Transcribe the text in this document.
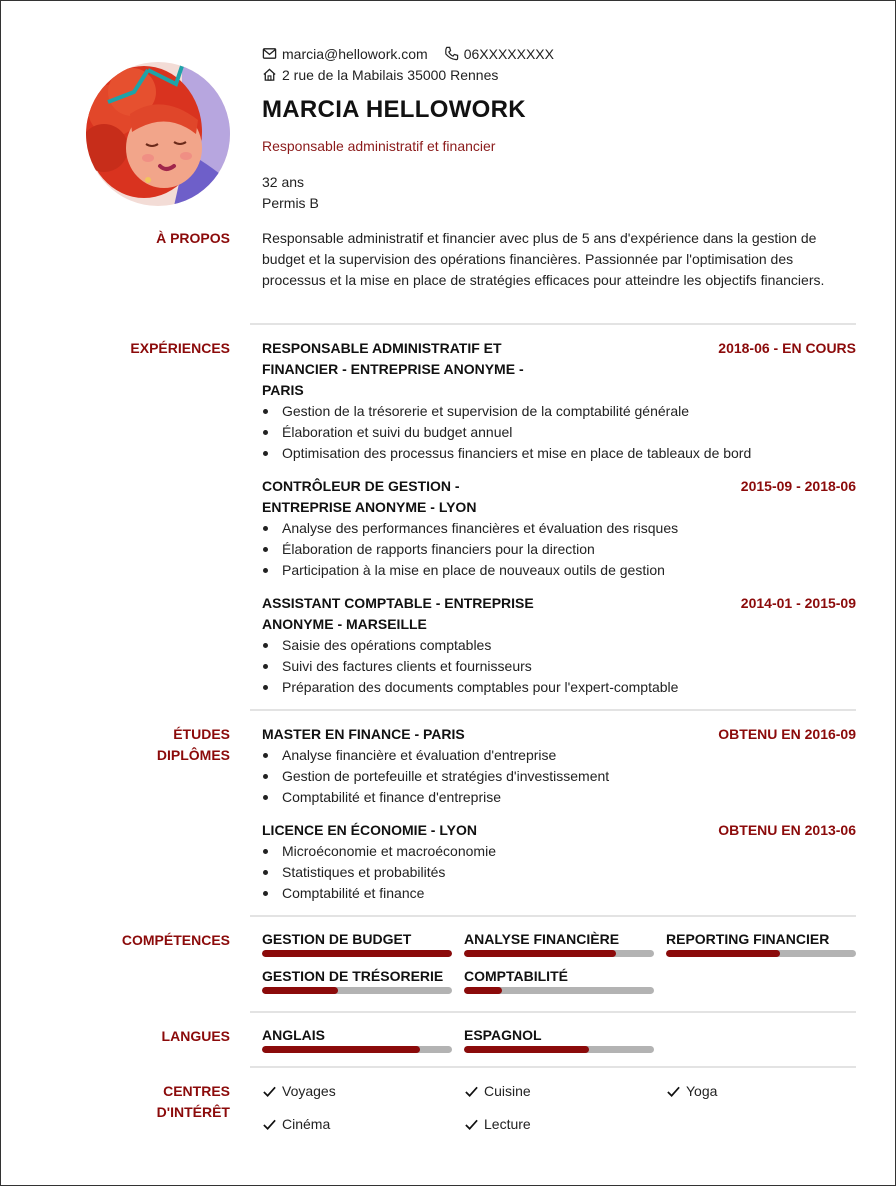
marcia@hellowork.com	06XXXXXXXX
2 rue de la Mabilais 35000 Rennes
MARCIA HELLOWORK
Responsable administratif et financier
32 ans
Permis B
À PROPOS Responsable administratif et financier avec plus de 5 ans d'expérience dans la gestion de budget et la supervision des opérations financières. Passionnée par l'optimisation des processus et la mise en place de stratégies efficaces pour atteindre les objectifs financiers.
EXPÉRIENCES RESPONSABLE ADMINISTRATIF ET FINANCIER - ENTREPRISE ANONYME - PARIS
2018-06 - EN COURS
Gestion de la trésorerie et supervision de la comptabilité générale
Élaboration et suivi du budget annuel
Optimisation des processus financiers et mise en place de tableaux de bord
CONTRÔLEUR DE GESTION - ENTREPRISE ANONYME - LYON
2015-09 - 2018-06
Analyse des performances financières et évaluation des risques
Élaboration de rapports financiers pour la direction
Participation à la mise en place de nouveaux outils de gestion
ASSISTANT COMPTABLE - ENTREPRISE ANONYME - MARSEILLE
2014-01 - 2015-09
Saisie des opérations comptables
Suivi des factures clients et fournisseurs
Préparation des documents comptables pour l'expert-comptable
ÉTUDES
DIPLÔMES
MASTER EN FINANCE - PARIS	OBTENU EN 2016-09
Analyse financière et évaluation d'entreprise
Gestion de portefeuille et stratégies d'investissement
Comptabilité et finance d'entreprise
LICENCE EN ÉCONOMIE - LYON	OBTENU EN 2013-06
Microéconomie et macroéconomie
Statistiques et probabilités
Comptabilité et finance
COMPÉTENCES GESTION DE BUDGET	ANALYSE FINANCIÈRE	REPORTING FINANCIER
GESTION DE TRÉSORERIE	COMPTABILITÉ
LANGUES ANGLAIS	ESPAGNOL
CENTRES
D'INTÉRÊT
Voyages	Cuisine	Yoga
Cinéma	Lecture
